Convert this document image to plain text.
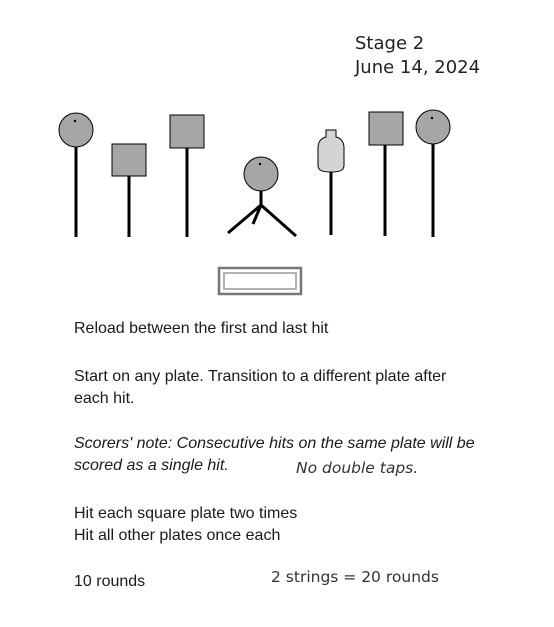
Stage 2
June 14, 2024
Reload between the first and last hit
Start on any plate. Transition to a different plate after
each hit.
Scorers' note: Consecutive hits on the same plate will be
scored as a single hit.	No double taps.
Hit each square plate two times
Hit all other plates once each
10 rounds	2 strings = 20 rounds
